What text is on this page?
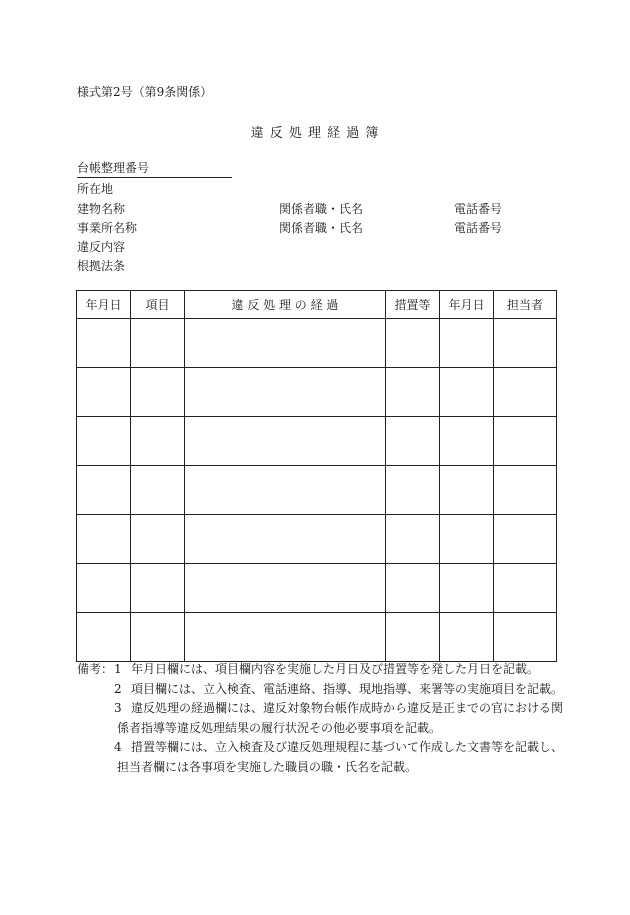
様式第2号（第9条関係）
違 反 処 理 経 過 簿
台帳整理番号
所在地
建物名称	関係者職・氏名	電話番号
事業所名称	関係者職・氏名	電話番号
違反内容
根拠法条
年月日	項目	違 反 処 理 の 経 過	措置等	年月日	担当者

備考： 1 年月日欄には、項目欄内容を実施した月日及び措置等を発した月日を記載。
2 項目欄には、立入検査、電話連絡、指導、現地指導、来署等の実施項目を記載。
3 違反処理の経過欄には、違反対象物台帳作成時から違反是正までの官における関
係者指導等違反処理結果の履行状況その他必要事項を記載。
4 措置等欄には、立入検査及び違反処理規程に基づいて作成した文書等を記載し、
担当者欄には各事項を実施した職員の職・氏名を記載。
